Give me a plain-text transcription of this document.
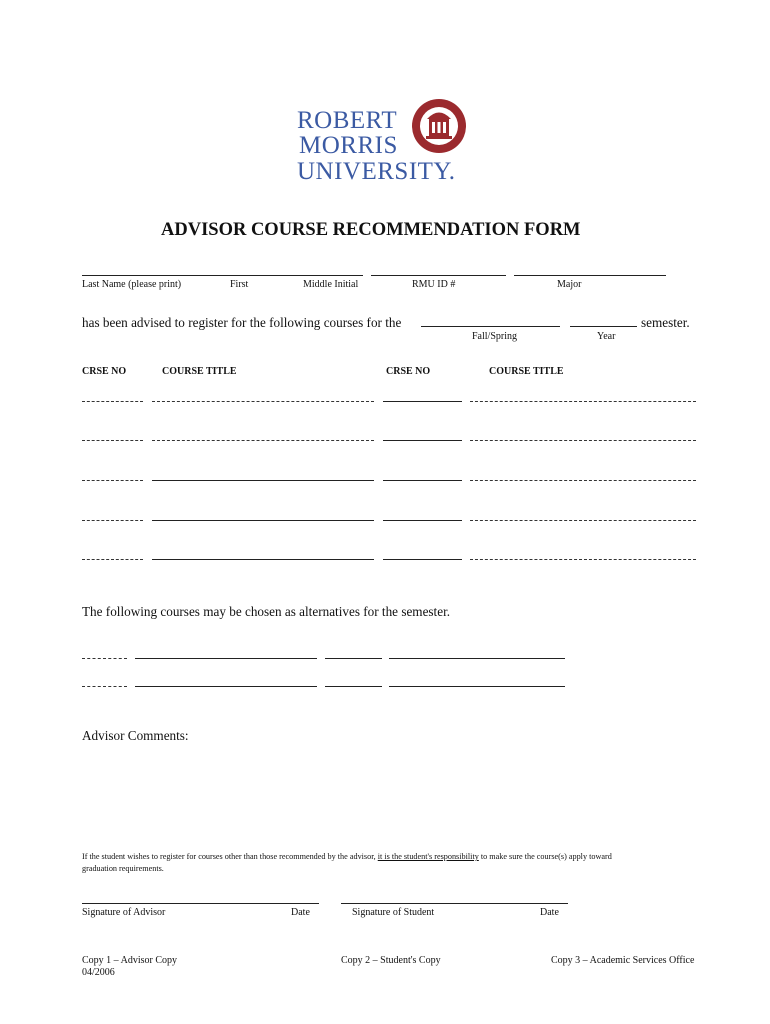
ROBERT
MORRIS
UNIVERSITY.
ADVISOR COURSE RECOMMENDATION FORM
Last Name (please print)	First	Middle Initial	RMU ID #	Major
has been advised to register for the following courses for the	semester.
Fall/Spring	Year
CRSE NO	COURSE TITLE	CRSE NO	COURSE TITLE
The following courses may be chosen as alternatives for the semester.
Advisor Comments:
If the student wishes to register for courses other than those recommended by the advisor, it is the student's responsibility to make sure the course(s) apply toward
graduation requirements.
Signature of Advisor	Date	Signature of Student	Date
Copy 1 – Advisor Copy
04/2006
Copy 2 – Student's Copy	Copy 3 – Academic Services Office
